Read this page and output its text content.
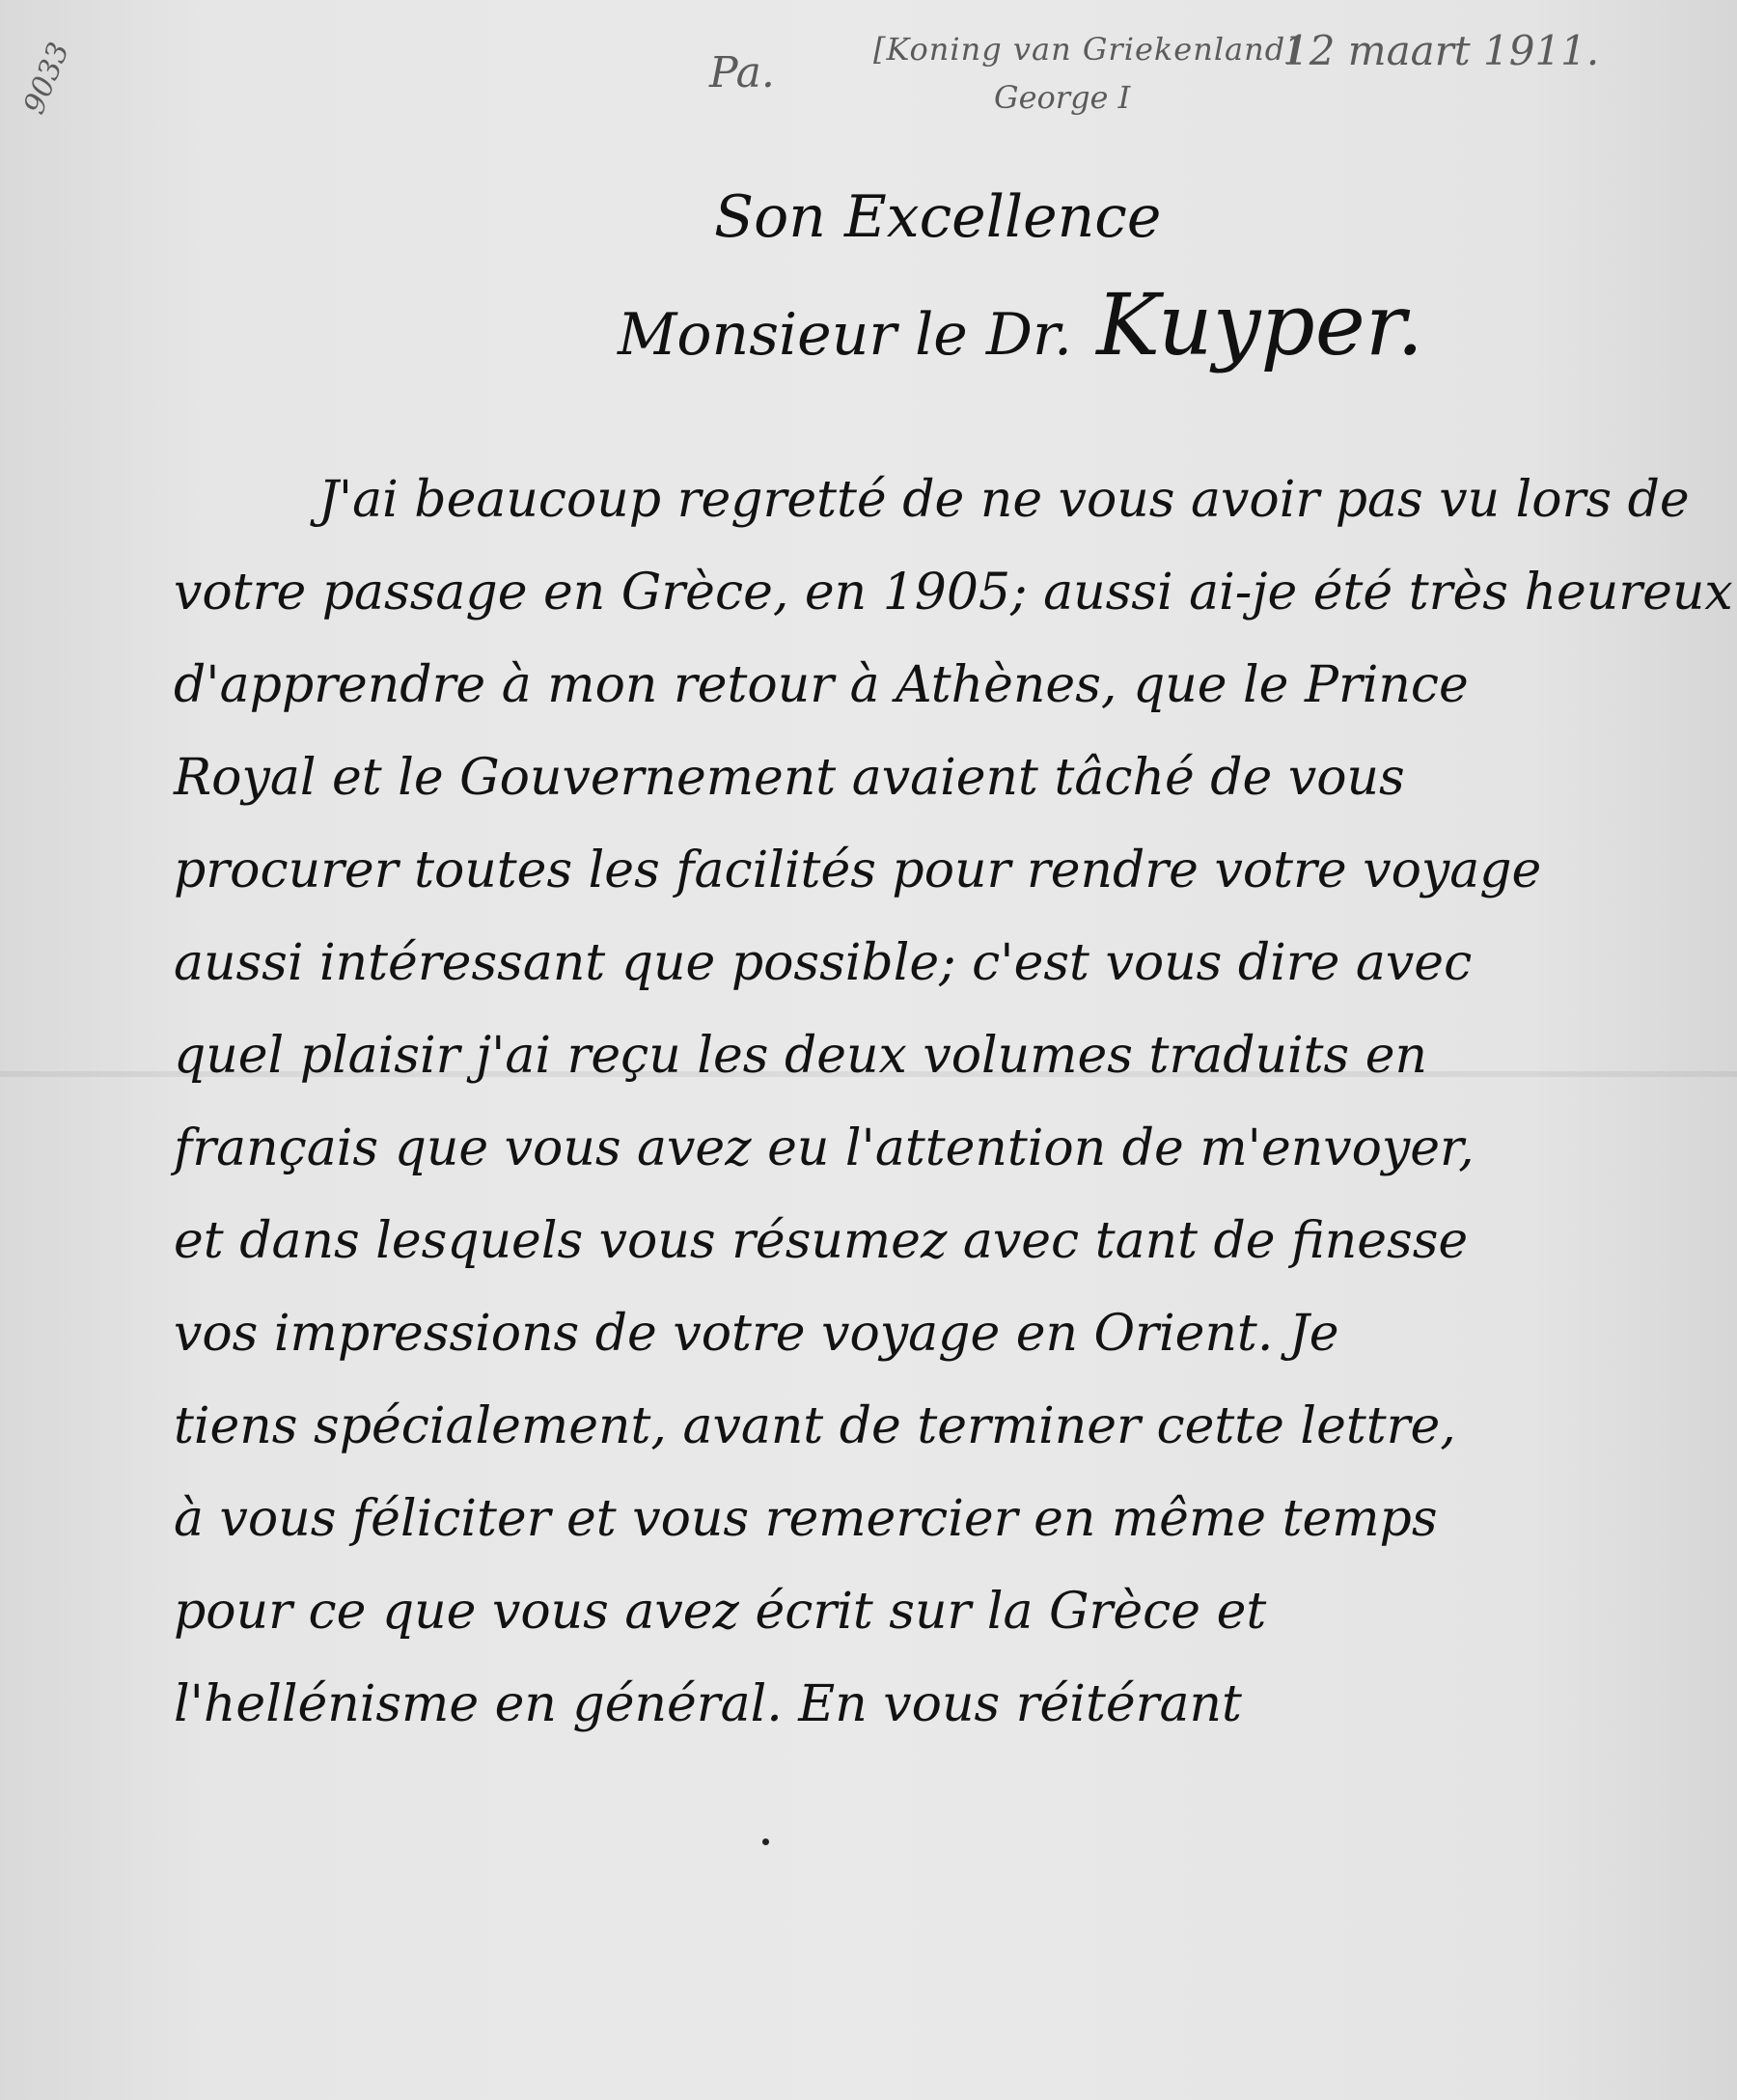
9033	Pa.	[Koning van Griekenland]
12 maart 1911.
George I
Son Excellence
Monsieur le Dr. Kuyper.
J'ai beaucoup regretté de ne vous avoir pas vu lors de
votre passage en Grèce, en 1905; aussi ai-je été très heureux
d'apprendre à mon retour à Athènes, que le Prince
Royal et le Gouvernement avaient tâché de vous
procurer toutes les facilités pour rendre votre voyage
aussi intéressant que possible; c'est vous dire avec
quel plaisir j'ai reçu les deux volumes traduits en
français que vous avez eu l'attention de m'envoyer,
et dans lesquels vous résumez avec tant de finesse
vos impressions de votre voyage en Orient. Je
tiens spécialement, avant de terminer cette lettre,
à vous féliciter et vous remercier en même temps
pour ce que vous avez écrit sur la Grèce et
l'hellénisme en général. En vous réitérant
